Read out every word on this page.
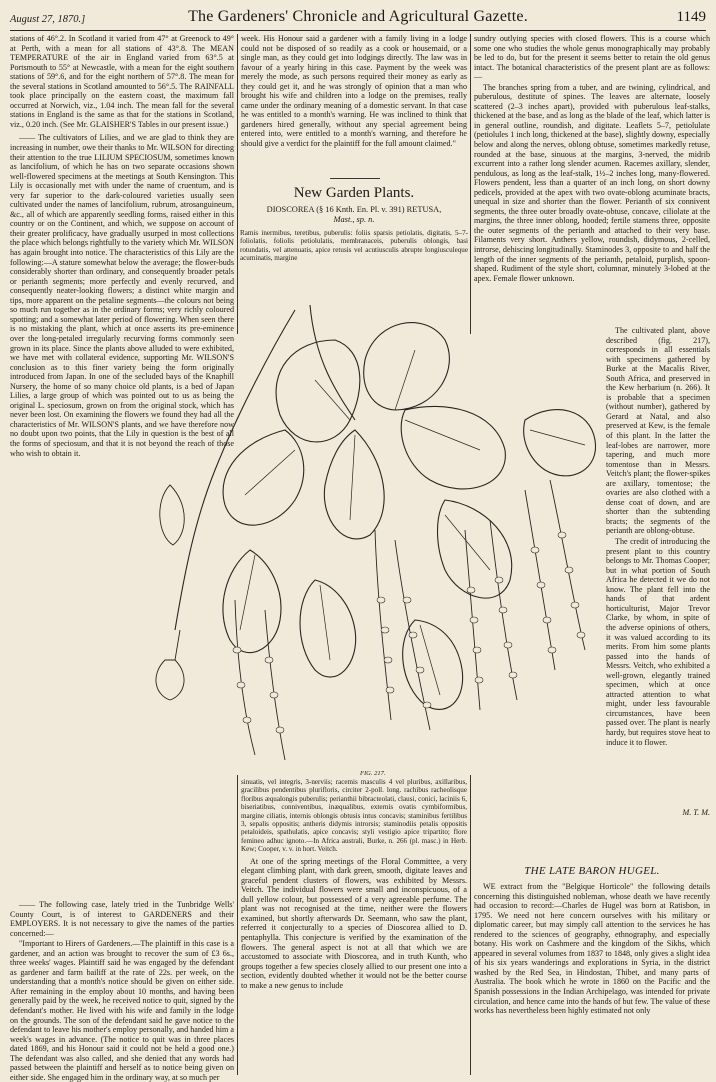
August 27, 1870.]	The Gardeners' Chronicle and Agricultural Gazette.	1149

stations of 46°.2. In Scotland it varied from 47° at Greenock to 49° at Perth, with a mean for all stations of 43°.8. The MEAN TEMPERATURE of the air in England varied from 63°.5 at Portsmouth to 55° at Newcastle, with a mean for the eight southern stations of 59°.6, and for the eight northern of 57°.8. The mean for the several stations in Scotland amounted to 56°.5. The RAINFALL took place principally on the eastern coast, the maximum fall occurred at Norwich, viz., 1.04 inch. The mean fall for the several stations in England is the same as that for the stations in Scotland, viz., 0.20 inch. (See Mr. GLAISHER'S Tables in our present issue.)

—— The cultivators of Lilies, and we are glad to think they are increasing in number, owe their thanks to Mr. WILSON for directing their attention to the true LILIUM SPECIOSUM, sometimes known as lancifolium, of which he has on two separate occasions shown well-flowered specimens at the meetings at South Kensington. This Lily is occasionally met with under the name of cruentum, and is very far superior to the dark-coloured varieties usually seen cultivated under the names of lancifolium, rubrum, atrosanguineum, &c., all of which are apparently seedling forms, raised either in this country or on the Continent, and which, we suppose on account of their greater prolificacy, have gradually usurped in most collections the place which belongs rightfully to the variety which Mr. WILSON has again brought into notice. The characteristics of this Lily are the following:—A stature somewhat below the average; the flower-buds considerably shorter than ordinary, and consequently broader petals or perianth segments; more perfectly and evenly recurved, and consequently neater-looking flowers; a distinct white margin and tips, more apparent on the petaline segments—the colours not being so much run together as in the ordinary forms; very richly coloured spotting; and a somewhat later period of flowering. When seen there is no mistaking the plant, which at once asserts its pre-eminence over the long-petaled irregularly recurving forms commonly seen grown in its place. Since the plants above alluded to were exhibited, we have met with collateral evidence, supporting Mr. WILSON'S conclusion as to this finer variety being the form originally introduced from Japan. In one of the secluded bays of the Knaphill Nursery, the home of so many choice old plants, is a bed of Japan Lilies, a large group of which was pointed out to us as being the original L. speciosum, grown on from the original stock, which has never been lost. On examining the flowers we found they had all the characteristics of Mr. WILSON'S plants, and we have therefore now no doubt upon two points, that the Lily in question is the best of all the forms of speciosum, and that it is not beyond the reach of those who wish to obtain it.

—— The following case, lately tried in the Tunbridge Wells' County Court, is of interest to GARDENERS and their EMPLOYERS. It is not necessary to give the names of the parties concerned:—

"Important to Hirers of Gardeners.—The plaintiff in this case is a gardener, and an action was brought to recover the sum of £3 6s., three weeks' wages. Plaintiff said he was engaged by the defendant as gardener and farm bailiff at the rate of 22s. per week, on the understanding that a month's notice should be given on either side. After remaining in the employ about 10 months, and having been generally paid by the week, he received notice to quit, signed by the defendant's mother. He lived with his wife and family in the lodge on the grounds. The son of the defendant said he gave notice to the defendant to leave his mother's employ personally, and handed him a week's wages in advance. (The notice to quit was in three places dated 1869, and his Honour said it could not be held a good one.) The defendant was also called, and she denied that any words had passed between the plaintiff and herself as to notice being given on either side. She engaged him in the ordinary way, at so much per

week. His Honour said a gardener with a family living in a lodge could not be disposed of so readily as a cook or housemaid, or a single man, as they could get into lodgings directly. The law was in favour of a yearly hiring in this case. Payment by the week was merely the mode, as such persons required their money as early as they could get it, and he was strongly of opinion that a man who brought his wife and children into a lodge on the premises, really came under the ordinary meaning of a domestic servant. In that case he was entitled to a month's warning. He was inclined to think that gardeners hired generally, without any special agreement being entered into, were entitled to a month's warning, and therefore he should give a verdict for the plaintiff for the full amount claimed."

New Garden Plants.
DIOSCOREA (§ 16 Knth. En. Pl. v. 391) RETUSA,
Mast., sp. n.
Ramis inermibus, teretibus, puberulis: foliis sparsis petiolatis, digitatis, 5–7-foliolatis, foliolis petiolulatis, membranaceis, puberulis oblongis, basi rotundatis, vel attenuatis, apice retusis vel acutiusculis abrupte longiusculeque acuminatis, margine

sundry outlying species with closed flowers. This is a course which some one who studies the whole genus monographically may probably be led to do, but for the present it seems better to retain the old genus intact. The botanical characteristics of the present plant are as follows:—

The branches spring from a tuber, and are twining, cylindrical, and puberulous, destitute of spines. The leaves are alternate, loosely scattered (2–3 inches apart), provided with puberulous leaf-stalks, thickened at the base, and as long as the blade of the leaf, which latter is in general outline, roundish, and digitate. Leaflets 5–7, petiolulate (petiolules 1 inch long, thickened at the base), slightly downy, especially below and along the nerves, oblong obtuse, sometimes markedly retuse, rounded at the base, sinuous at the margins, 3-nerved, the midrib excurrent into a rather long slender acumen. Racemes axillary, slender, pendulous, as long as the leaf-stalk, 1½–2 inches long, many-flowered. Flowers pendent, less than a quarter of an inch long, on short downy pedicels, provided at the apex with two ovate-oblong acuminate bracts, unequal in size and shorter than the flower. Perianth of six connivent segments, the three outer broadly ovate-obtuse, concave, ciliolate at the margins, the three inner oblong, hooded; fertile stamens three, opposite the outer segments of the perianth and attached to their very base. Filaments very short. Anthers yellow, roundish, didymous, 2-celled, introrse, dehiscing longitudinally. Staminodes 3, opposite to and half the length of the inner segments of the perianth, petaloid, purplish, spoon-shaped. Rudiment of the style short, columnar, minutely 3-lobed at the apex. Female flower unknown.

The cultivated plant, above described (fig. 217), corresponds in all essentials with specimens gathered by Burke at the Macalis River, South Africa, and preserved in the Kew herbarium (n. 266). It is probable that a specimen (without number), gathered by Gerard at Natal, and also preserved at Kew, is the female of this plant. In the latter the leaf-lobes are narrower, more tapering, and much more tomentose than in Messrs. Veitch's plant; the flower-spikes are axillary, tomentose; the ovaries are also clothed with a dense coat of down, and are shorter than the subtending bracts; the segments of the perianth are oblong-obtuse.

The credit of introducing the present plant to this country belongs to Mr. Thomas Cooper; but in what portion of South Africa he detected it we do not know. The plant fell into the hands of that ardent horticulturist, Major Trevor Clarke, by whom, in spite of the adverse opinions of others, it was valued according to its merits. From him some plants passed into the hands of Messrs. Veitch, who exhibited a well-grown, elegantly trained specimen, which at once attracted attention to what might, under less favourable circumstances, have been passed over. The plant is nearly hardy, but requires stove heat to induce it to flower.

M. T. M.

THE LATE BARON HUGEL.

WE extract from the "Belgique Horticole" the following details concerning this distinguished nobleman, whose death we have recently had occasion to record:—Charles de Hugel was born at Ratisbon, in 1795. We need not here concern ourselves with his military or diplomatic career, but may simply call attention to the services he has rendered to the sciences of geography, ethnography, and especially botany. His work on Cashmere and the kingdom of the Sikhs, which appeared in several volumes from 1837 to 1848, only gives a slight idea of his six years wanderings and explorations in Syria, in the district washed by the Red Sea, in Hindostan, Thibet, and many parts of Australia. The book which he wrote in 1860 on the Pacific and the Spanish possessions in the Indian Archipelago, was intended for private circulation, and hence came into the hands of but few. The value of these works has nevertheless been highly estimated not only

sinuatis, vel integris, 3-nerviis; racemis masculis 4 vel pluribus, axillaribus, gracilibus pendentibus pluriflоris, circiter 2-poll. long. rachibus racheolisque floribus æqualongis puberulis; perianthii bibracteolati, clausi, conici, laciniis 6, biseriatibus, conniventibus, inæqualibus, externis ovatis cymbiformibus, margine ciliatis, internis oblongis obtusis intus concavis; staminibus fertilibus 3, sepalis oppositis; antheris didymis introrsis; staminodiis petalis oppositis petaloideis, spathulatis, apice concavis; styli vestigio apice tripartito; flore femineo adhuc ignoto.—In Africa australi, Burke, n. 266 (pl. masc.) in Herb. Kew; Cooper, v. v. in hort. Veitch.

At one of the spring meetings of the Floral Committee, a very elegant climbing plant, with dark green, smooth, digitate leaves and graceful pendent clusters of flowers, was exhibited by Messrs. Veitch. The individual flowers were small and inconspicuous, of a dull yellow colour, but possessed of a very agreeable perfume. The plant was not recognised at the time, neither were the flowers examined, but shortly afterwards Dr. Seemann, who saw the plant, referred it conjecturally to a species of Dioscorea allied to D. pentaphylla. This conjecture is verified by the examination of the flowers. The general aspect is not at all that which we are accustomed to associate with Dioscorea, and in truth Kunth, who groups together a few species closely allied to our present one into a section, evidently doubted whether it would not be the better course to make a new genus to include

FIG. 217.
